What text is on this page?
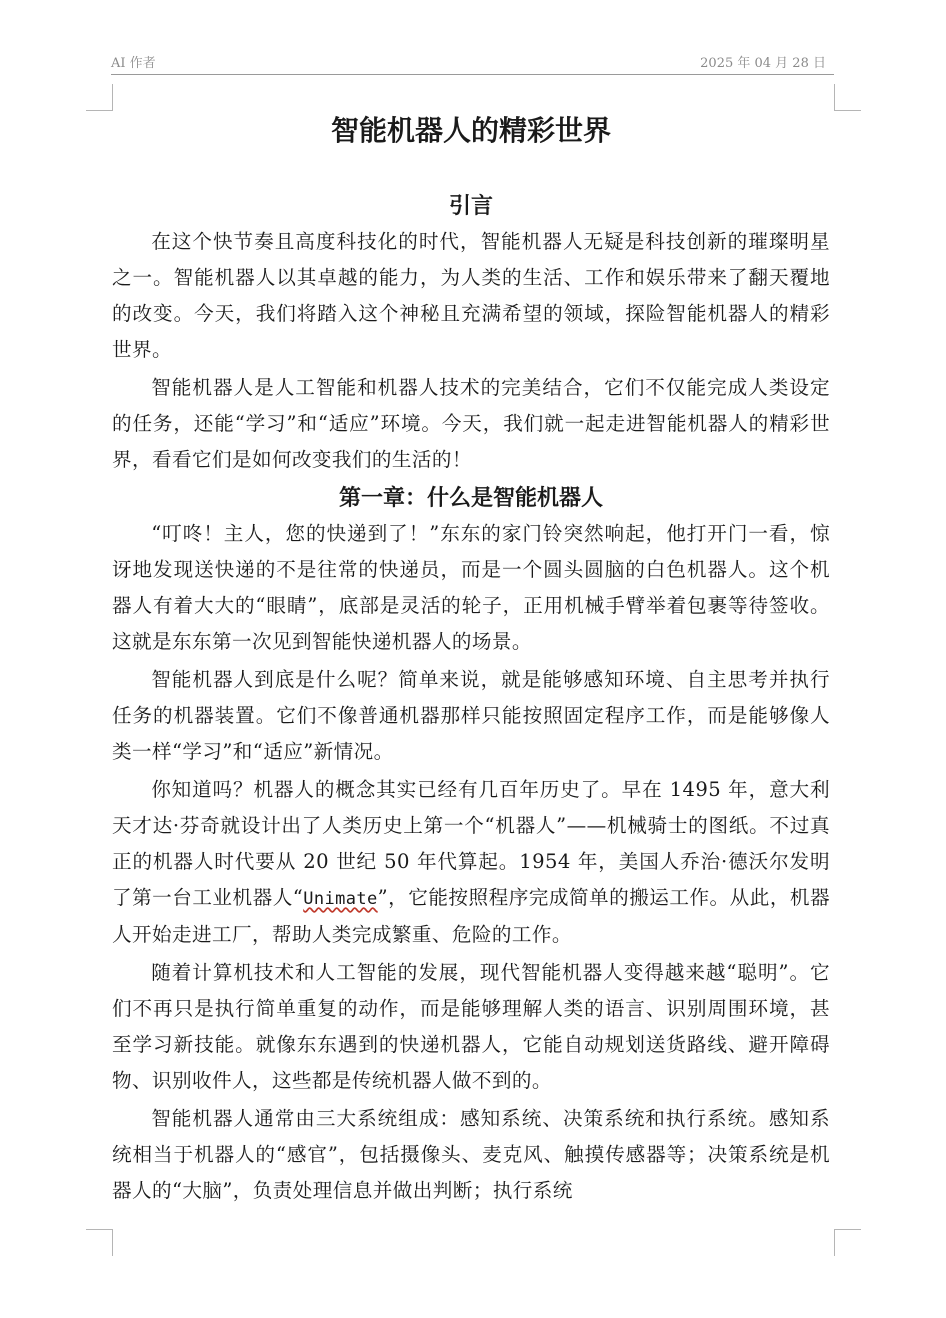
AI 作者	2025 年 04 月 28 日
智能机器人的精彩世界
引言

在这个快节奏且高度科技化的时代，智能机器人无疑是科技创新的璀璨明星之一。智能机器人以其卓越的能力，为人类的生活、工作和娱乐带来了翻天覆地的改变。今天，我们将踏入这个神秘且充满希望的领域，探险智能机器人的精彩世界。

智能机器人是人工智能和机器人技术的完美结合，它们不仅能完成人类设定的任务，还能“学习”和“适应”环境。今天，我们就一起走进智能机器人的精彩世界，看看它们是如何改变我们的生活的！

第一章：什么是智能机器人

“叮咚！主人，您的快递到了！”东东的家门铃突然响起，他打开门一看，惊讶地发现送快递的不是往常的快递员，而是一个圆头圆脑的白色机器人。这个机器人有着大大的“眼睛”，底部是灵活的轮子，正用机械手臂举着包裹等待签收。这就是东东第一次见到智能快递机器人的场景。

智能机器人到底是什么呢？简单来说，就是能够感知环境、自主思考并执行任务的机器装置。它们不像普通机器那样只能按照固定程序工作，而是能够像人类一样“学习”和“适应”新情况。

你知道吗？机器人的概念其实已经有几百年历史了。早在 1495 年，意大利天才达·芬奇就设计出了人类历史上第一个“机器人”——机械骑士的图纸。不过真正的机器人时代要从 20 世纪 50 年代算起。1954 年，美国人乔治·德沃尔发明了第一台工业机器人“Unimate”，它能按照程序完成简单的搬运工作。从此，机器人开始走进工厂，帮助人类完成繁重、危险的工作。

随着计算机技术和人工智能的发展，现代智能机器人变得越来越“聪明”。它们不再只是执行简单重复的动作，而是能够理解人类的语言、识别周围环境，甚至学习新技能。就像东东遇到的快递机器人，它能自动规划送货路线、避开障碍物、识别收件人，这些都是传统机器人做不到的。

智能机器人通常由三大系统组成：感知系统、决策系统和执行系统。感知系统相当于机器人的“感官”，包括摄像头、麦克风、触摸传感器等；决策系统是机器人的“大脑”，负责处理信息并做出判断；执行系统
